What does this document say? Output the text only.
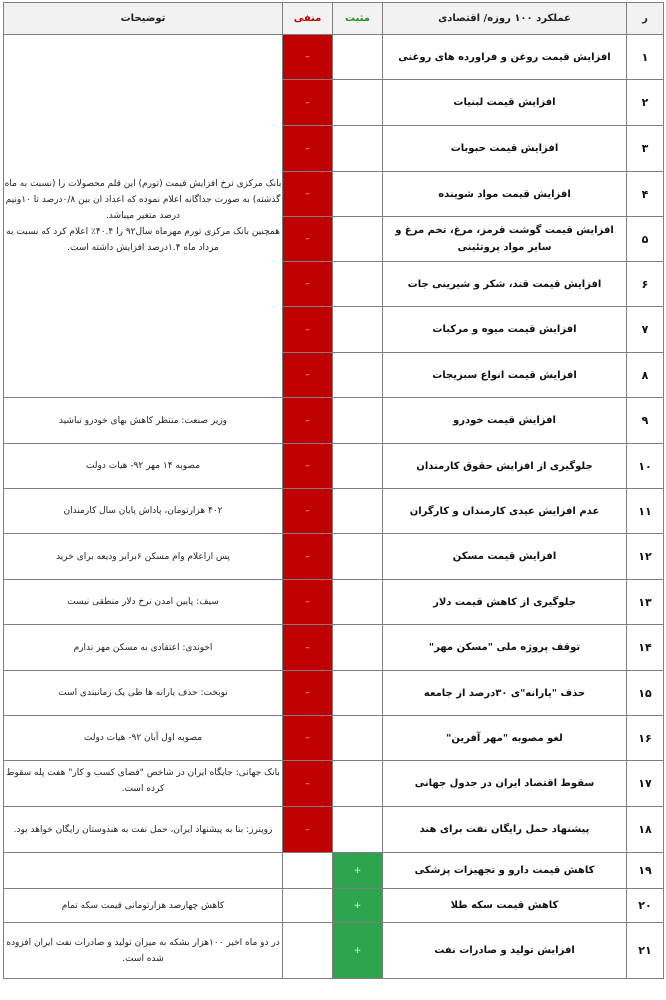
ر	عملکرد ۱۰۰ روزه/ اقتصادی	مثبت	منفی	توضیحات
۱	افزایش قیمت روغن و فراورده های روغنی		–	بانک مرکزی نرخ افزایش قیمت (تورم) این قلم محصولات را (نسبت به ماه گذشته) به صورت جداگانه اعلام نموده که اعداد ان بین ۰/۸درصد تا ۱۰ونیم درصد متغیر میباشد.
همچنین بانک مرکزی تورم مهرماه سال۹۲ را ۴۰.۴٪ اعلام کرد که نسبت به مرداد ماه ۱.۴درصد افزایش داشته است.

۲	افزایش قیمت لبنیات		–	
۳	افزایش قیمت حبوبات		–	
۴	افزایش قیمت مواد شوینده		–	
۵	افزایش قیمت گوشت قرمز، مرغ، تخم مرغ و سایر مواد پروتئینی		–	
۶	افزایش قیمت قند، شکر و شیرینی جات		–	
۷	افزایش قیمت میوه و مرکبات		–	
۸	افزایش قیمت انواع سبزیجات		–	
۹	افزایش قیمت خودرو		–	وزیر صنعت: منتظر کاهش بهای خودرو نباشید
۱۰	جلوگیری از افزایش حقوق کارمندان		–	مصوبه ۱۴ مهر ۹۲- هیات دولت
۱۱	عدم افزایش عیدی کارمندان و کارگران		–	۴۰۲ هزارتومان، پاداش پایان سال کارمندان
۱۲	افزایش قیمت مسکن		–	پس ازاعلام وام مسکن ۶برابر ودیعه برای خرید
۱۳	جلوگیری از کاهش قیمت دلار		–	سیف: پایین امدن نرخ دلار منطقی نیست
۱۴	توقف پروژه ملی "مسکن مهر"		–	اخوندی: اعتقادی به مسکن مهر ندارم
۱۵	حذف "یارانه"ی ۳۰درصد از جامعه		–	نوبخت: حذف یارانه ها طی یک زمانبندی است
۱۶	لغو مصوبه "مهر آفرین"		–	مصوبه اول آبان ۹۲- هیات دولت
۱۷	سقوط اقتصاد ایران در جدول جهانی		–	بانک جهانی: جایگاه ایران در شاخص "فضای کسب و کار" هفت پله سقوط کرده است.
۱۸	پیشنهاد حمل رایگان نفت برای هند		–	رویترز: بنا به پیشنهاد ایران، حمل نفت به هندوستان رایگان خواهد بود.
۱۹	کاهش قیمت دارو و تجهیزات پزشکی	+		
۲۰	کاهش قیمت سکه طلا	+		کاهش چهارصد هزارتومانی قیمت سکه تمام
۲۱	افزایش تولید و صادرات نفت	+		در دو ماه اخیر ۱۰۰هزار بشکه به میزان تولید و صادرات نفت ایران افزوده شده است.
